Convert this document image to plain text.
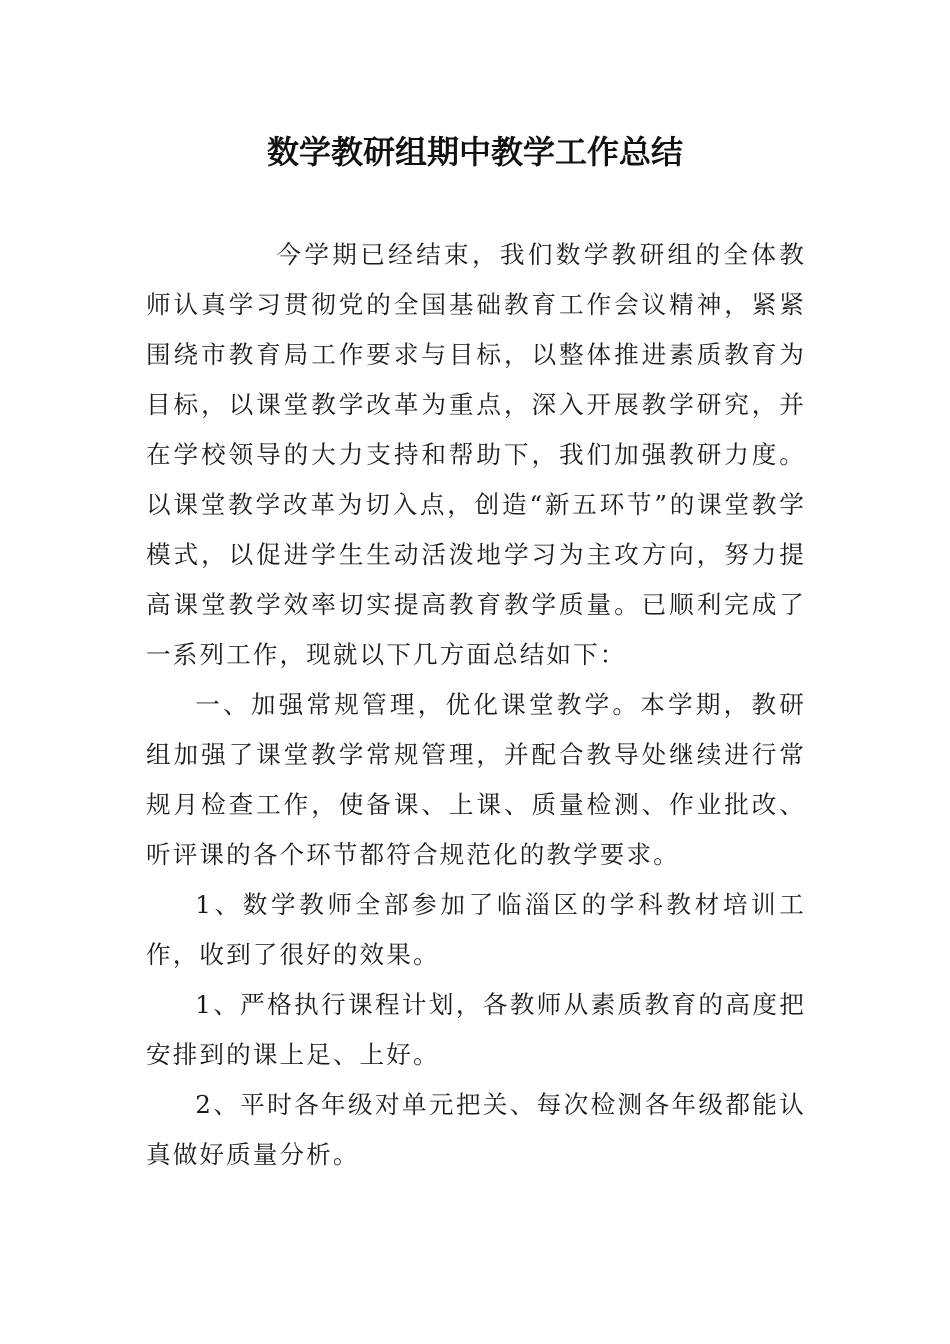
数学教研组期中教学工作总结

今学期已经结束，我们数学教研组的全体教师认真学习贯彻党的全国基础教育工作会议精神，紧紧围绕市教育局工作要求与目标，以整体推进素质教育为目标，以课堂教学改革为重点，深入开展教学研究，并在学校领导的大力支持和帮助下，我们加强教研力度。以课堂教学改革为切入点，创造“新五环节”的课堂教学模式，以促进学生生动活泼地学习为主攻方向，努力提高课堂教学效率切实提高教育教学质量。已顺利完成了一系列工作，现就以下几方面总结如下：

一、加强常规管理，优化课堂教学。本学期，教研组加强了课堂教学常规管理，并配合教导处继续进行常规月检查工作，使备课、上课、质量检测、作业批改、听评课的各个环节都符合规范化的教学要求。

1、数学教师全部参加了临淄区的学科教材培训工作，收到了很好的效果。

1、严格执行课程计划，各教师从素质教育的高度把安排到的课上足、上好。

2、平时各年级对单元把关、每次检测各年级都能认真做好质量分析。
